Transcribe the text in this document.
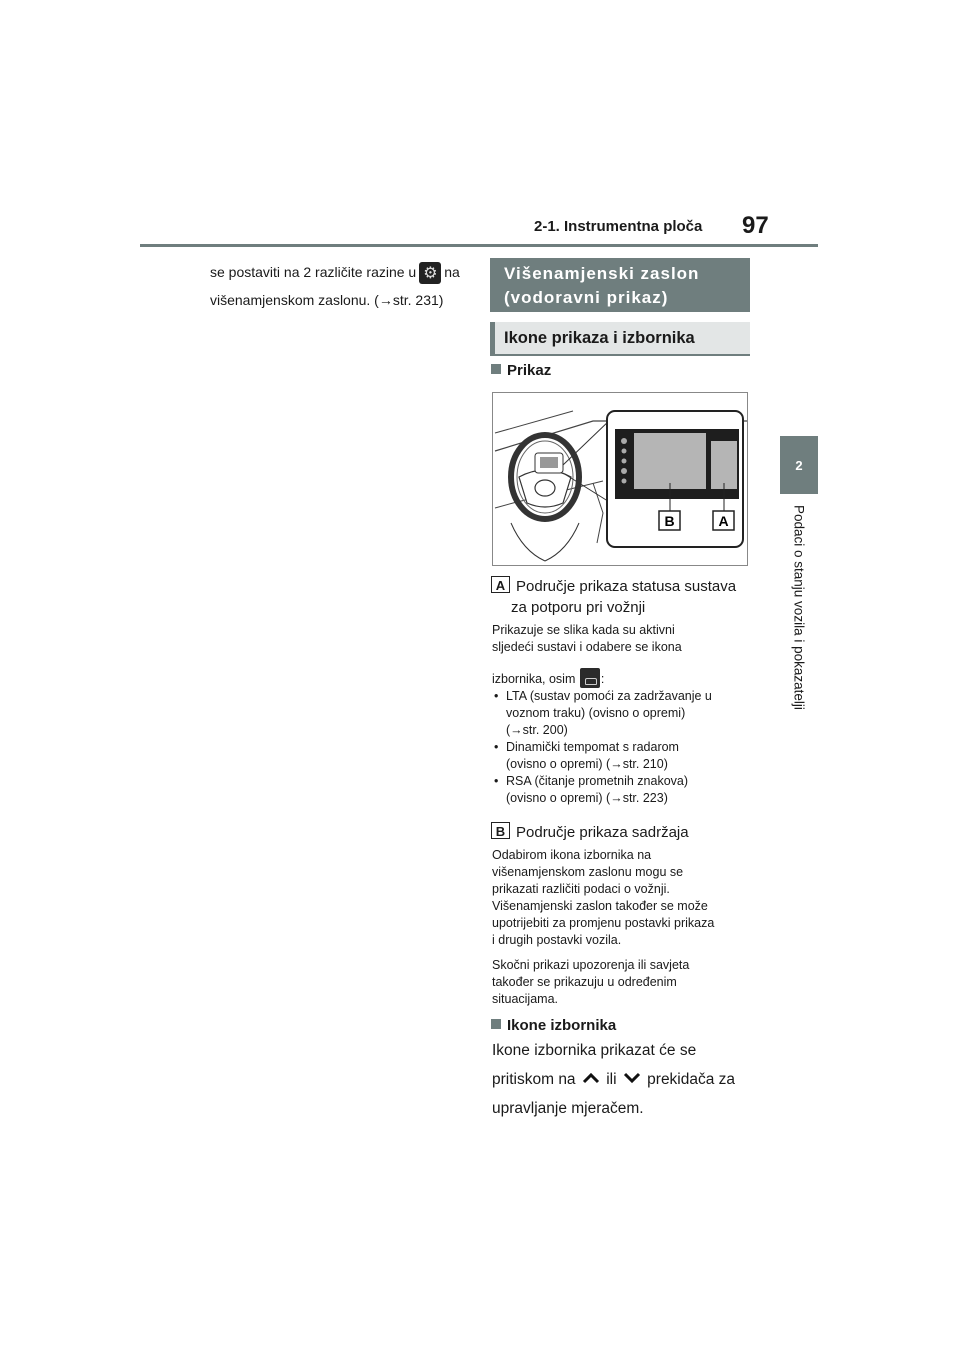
2-1. Instrumentna ploča 97
2
Podaci o stanju vozila i pokazatelji
se postaviti na 2 različite razine u⚙ na
višenamjenskom zaslonu. (→str. 231)
Višenamjenski zaslon
(vodoravni prikaz)
Ikone prikaza i izbornika
Prikaz
B	A
A Područje prikaza statusa sustava
za potporu pri vožnji
Prikazuje se slika kada su aktivni
sljedeći sustavi i odabere se ikona
izbornika, osim :
• LTA (sustav pomoći za zadržavanje u
voznom traku) (ovisno o opremi)
(→str. 200)
• Dinamički tempomat s radarom
(ovisno o opremi) (→str. 210)
• RSA (čitanje prometnih znakova)
(ovisno o opremi) (→str. 223)
B Područje prikaza sadržaja
Odabirom ikona izbornika na
višenamjenskom zaslonu mogu se
prikazati različiti podaci o vožnji.
Višenamjenski zaslon također se može
upotrijebiti za promjenu postavki prikaza
i drugih postavki vozila.
Skočni prikazi upozorenja ili savjeta
također se prikazuju u određenim
situacijama.
Ikone izbornika
Ikone izbornika prikazat će se
pritiskom na ili prekidača za
upravljanje mjeračem.
